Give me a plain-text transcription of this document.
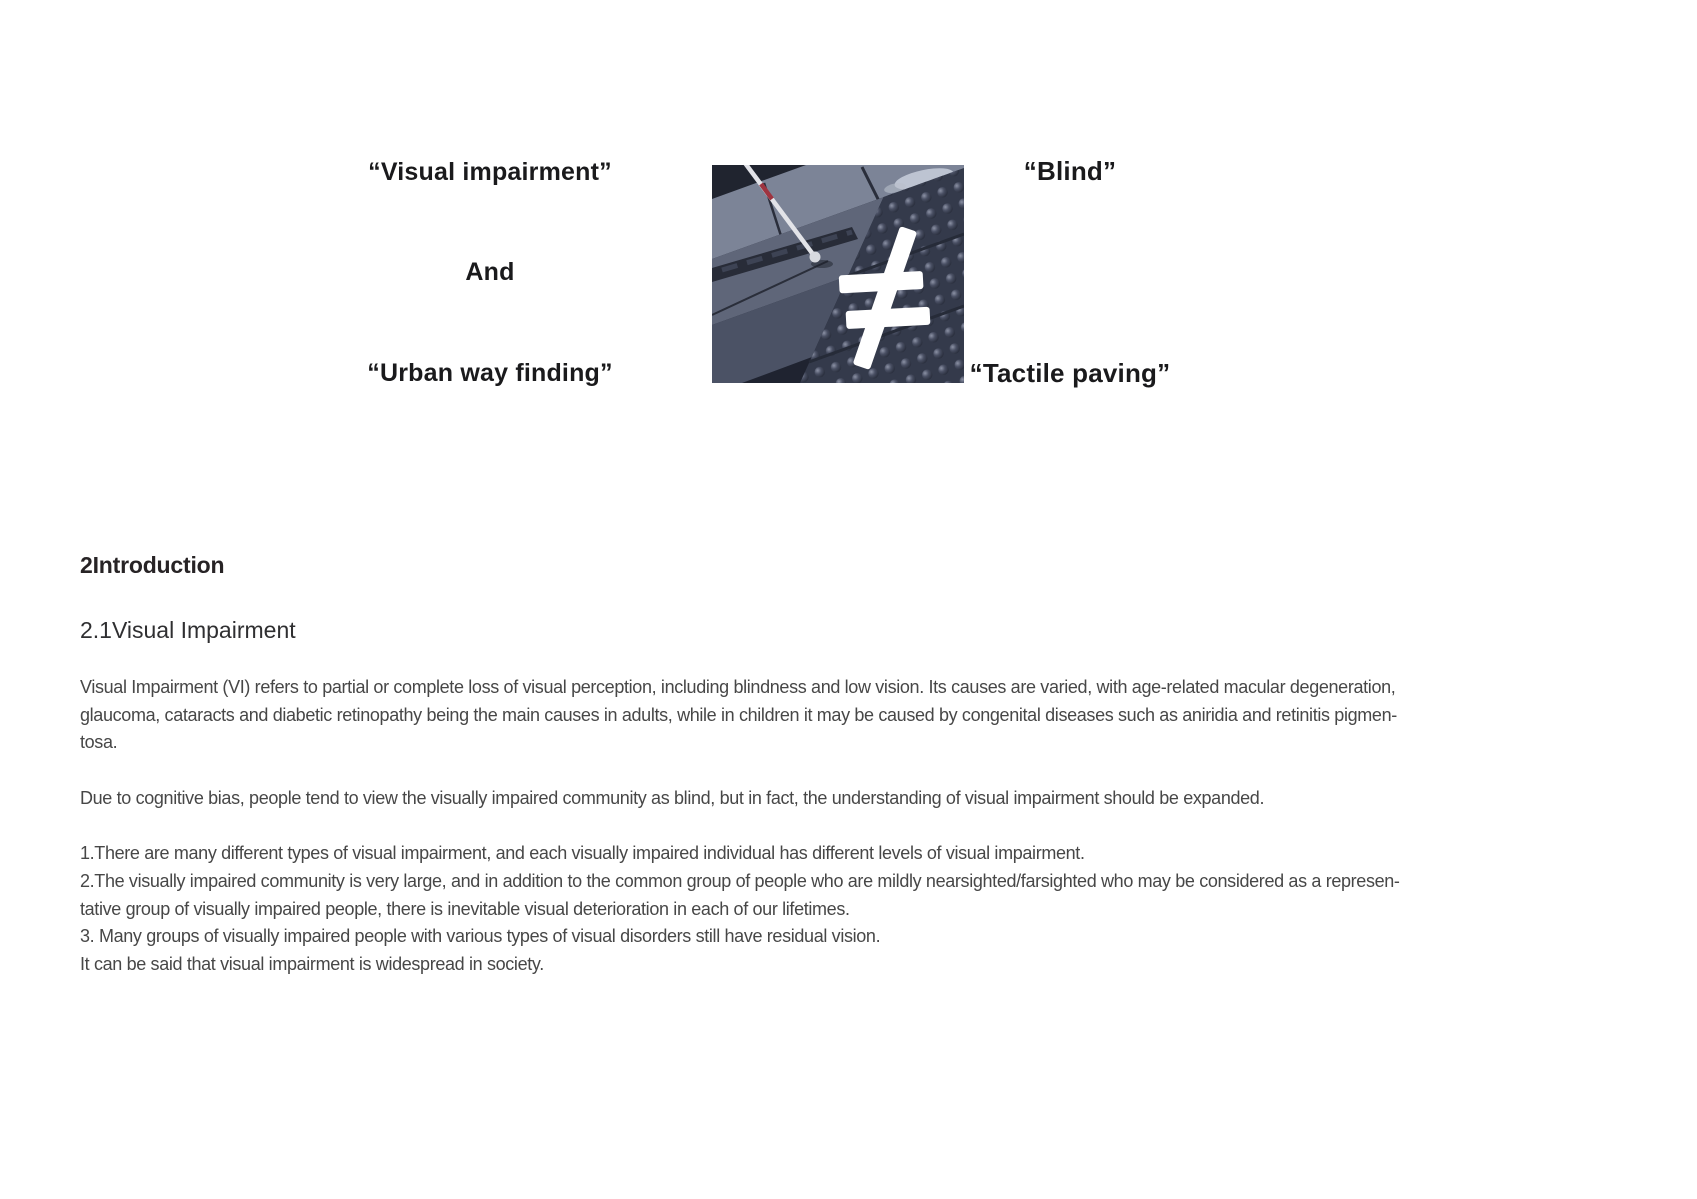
“Visual impairment”
And
“Urban way finding”
“Blind”
“Tactile paving”
2Introduction
2.1Visual Impairment
Visual Impairment (VI) refers to partial or complete loss of visual perception, including blindness and low vision. Its causes are varied, with age-related macular degeneration,
glaucoma, cataracts and diabetic retinopathy being the main causes in adults, while in children it may be caused by congenital diseases such as aniridia and retinitis pigmen-
tosa.
Due to cognitive bias, people tend to view the visually impaired community as blind, but in fact, the understanding of visual impairment should be expanded.
1.There are many different types of visual impairment, and each visually impaired individual has different levels of visual impairment.
2.The visually impaired community is very large, and in addition to the common group of people who are mildly nearsighted/farsighted who may be considered as a represen-
tative group of visually impaired people, there is inevitable visual deterioration in each of our lifetimes.
3. Many groups of visually impaired people with various types of visual disorders still have residual vision.
It can be said that visual impairment is widespread in society.
